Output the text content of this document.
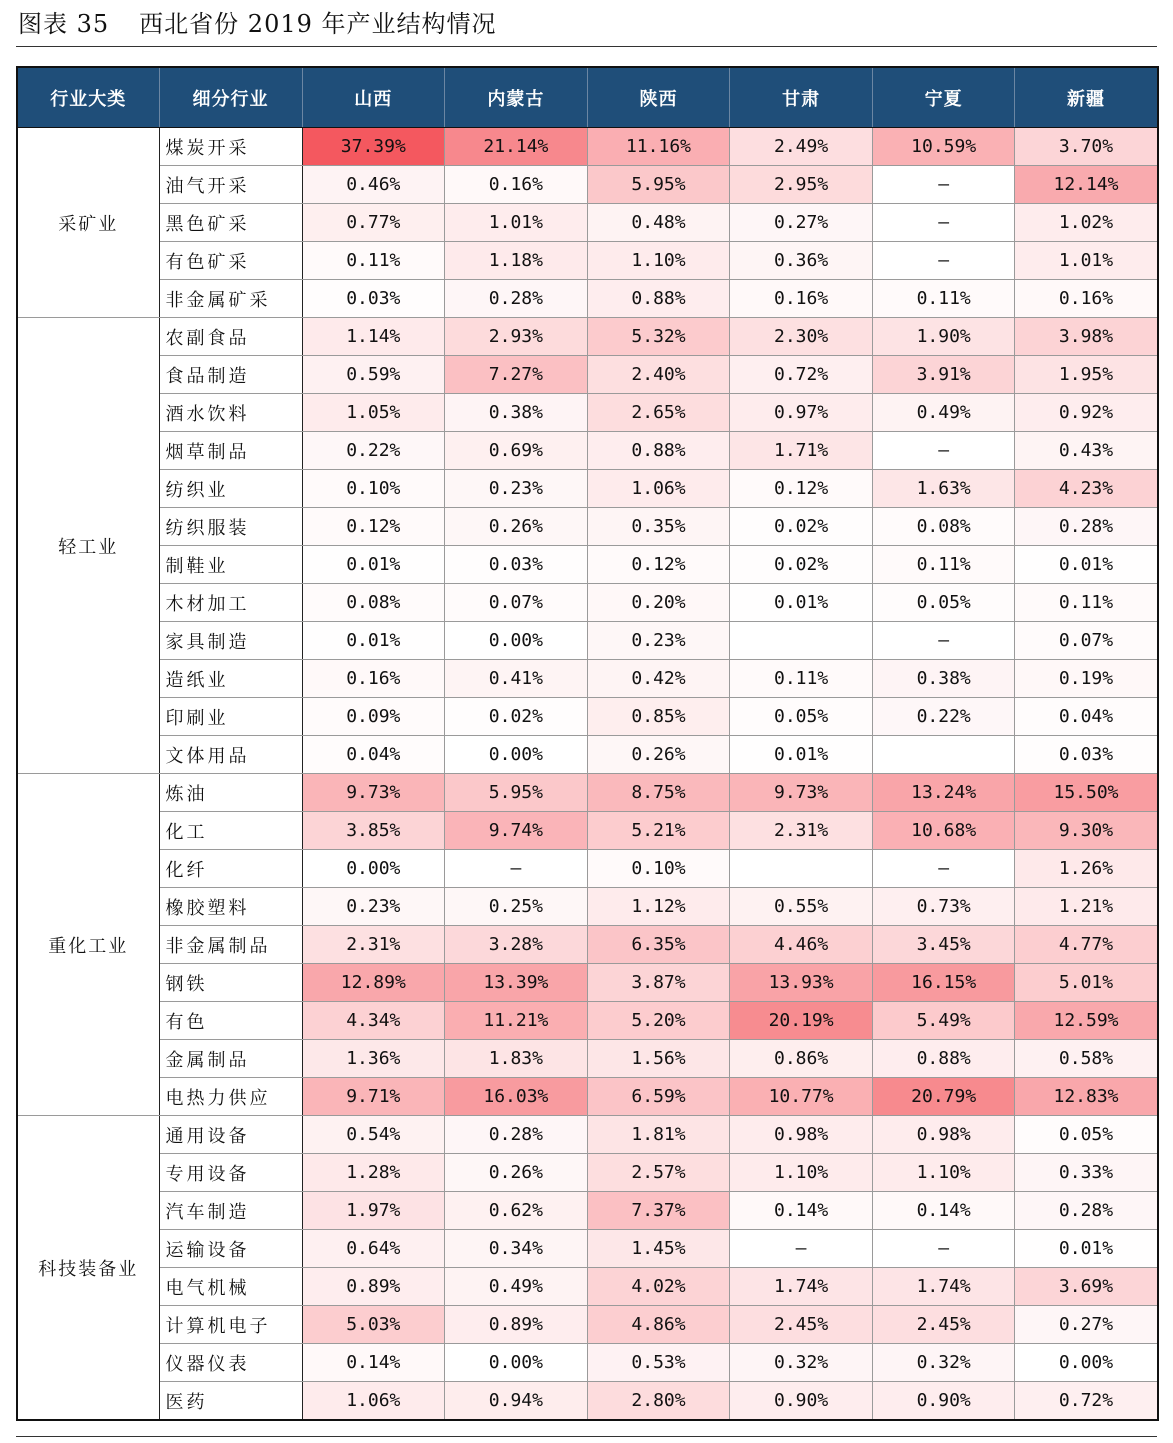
图表 35 西北省份 2019 年产业结构情况
行业大类	细分行业	山西	内蒙古	陕西	甘肃	宁夏	新疆
采矿业	煤炭开采	37.39%	21.14%	11.16%	2.49%	10.59%	3.70%
	油气开采	0.46%	0.16%	5.95%	2.95%	–	12.14%
	黑色矿采	0.77%	1.01%	0.48%	0.27%	–	1.02%
	有色矿采	0.11%	1.18%	1.10%	0.36%	–	1.01%
	非金属矿采	0.03%	0.28%	0.88%	0.16%	0.11%	0.16%
轻工业	农副食品	1.14%	2.93%	5.32%	2.30%	1.90%	3.98%
	食品制造	0.59%	7.27%	2.40%	0.72%	3.91%	1.95%
	酒水饮料	1.05%	0.38%	2.65%	0.97%	0.49%	0.92%
	烟草制品	0.22%	0.69%	0.88%	1.71%	–	0.43%
	纺织业	0.10%	0.23%	1.06%	0.12%	1.63%	4.23%
	纺织服装	0.12%	0.26%	0.35%	0.02%	0.08%	0.28%
	制鞋业	0.01%	0.03%	0.12%	0.02%	0.11%	0.01%
	木材加工	0.08%	0.07%	0.20%	0.01%	0.05%	0.11%
	家具制造	0.01%	0.00%	0.23%		–	0.07%
	造纸业	0.16%	0.41%	0.42%	0.11%	0.38%	0.19%
	印刷业	0.09%	0.02%	0.85%	0.05%	0.22%	0.04%
	文体用品	0.04%	0.00%	0.26%	0.01%		0.03%
重化工业	炼油	9.73%	5.95%	8.75%	9.73%	13.24%	15.50%
	化工	3.85%	9.74%	5.21%	2.31%	10.68%	9.30%
	化纤	0.00%	–	0.10%		–	1.26%
	橡胶塑料	0.23%	0.25%	1.12%	0.55%	0.73%	1.21%
	非金属制品	2.31%	3.28%	6.35%	4.46%	3.45%	4.77%
	钢铁	12.89%	13.39%	3.87%	13.93%	16.15%	5.01%
	有色	4.34%	11.21%	5.20%	20.19%	5.49%	12.59%
	金属制品	1.36%	1.83%	1.56%	0.86%	0.88%	0.58%
	电热力供应	9.71%	16.03%	6.59%	10.77%	20.79%	12.83%
科技装备业	通用设备	0.54%	0.28%	1.81%	0.98%	0.98%	0.05%
	专用设备	1.28%	0.26%	2.57%	1.10%	1.10%	0.33%
	汽车制造	1.97%	0.62%	7.37%	0.14%	0.14%	0.28%
	运输设备	0.64%	0.34%	1.45%	–	–	0.01%
	电气机械	0.89%	0.49%	4.02%	1.74%	1.74%	3.69%
	计算机电子	5.03%	0.89%	4.86%	2.45%	2.45%	0.27%
	仪器仪表	0.14%	0.00%	0.53%	0.32%	0.32%	0.00%
	医药	1.06%	0.94%	2.80%	0.90%	0.90%	0.72%
